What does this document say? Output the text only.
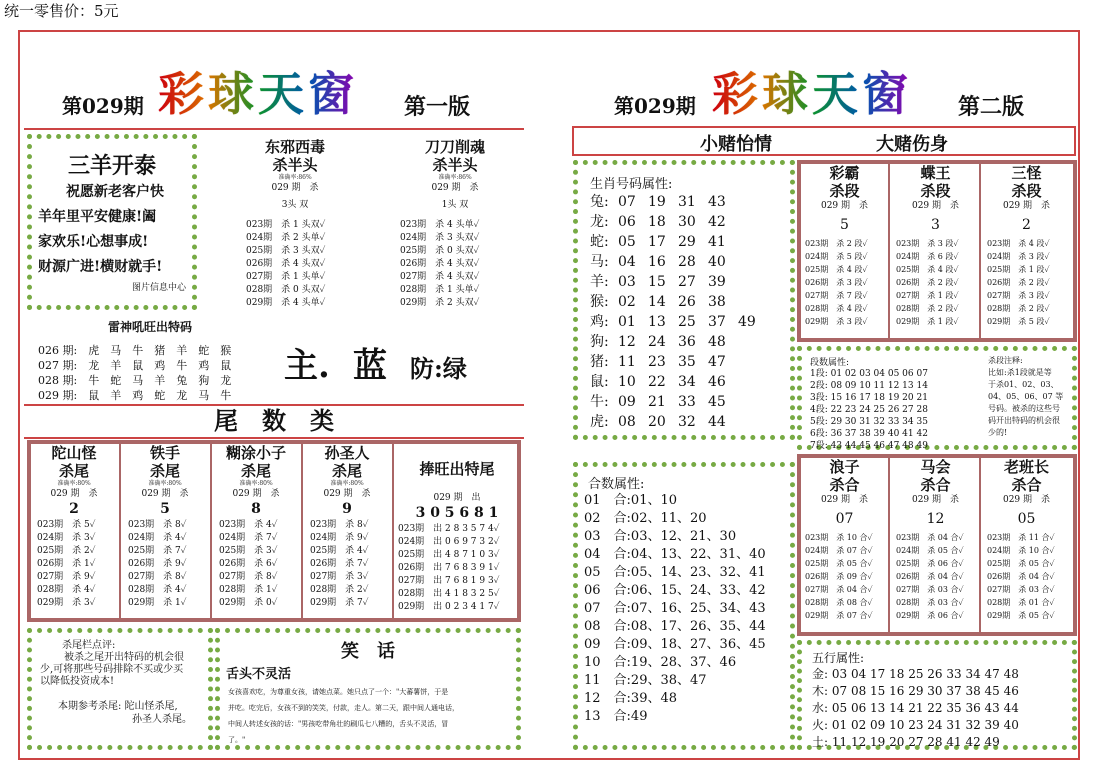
统一零售价：5元
第029期 彩球天窗 第一版
三羊开泰
祝愿新老客户快
羊年里平安健康!阖
家欢乐!心想事成!
财源广进!横财就手!
图片信息中心
东邪西毒
杀半头
准确率:86%
029 期　杀
3头 双
023期　杀 1 头双✓
024期　杀 2 头单✓
025期　杀 3 头双✓
026期　杀 4 头双✓
027期　杀 1 头单✓
028期　杀 0 头双✓
029期　杀 4 头单✓
刀刀削魂
杀半头
准确率:86%
029 期　杀
1头 双
023期　杀 4 头单✓
024期　杀 3 头双✓
025期　杀 0 头双✓
026期　杀 4 头双✓
027期　杀 4 头双✓
028期　杀 1 头单✓
029期　杀 2 头双✓
雷神吼旺出特码
026 期:　虎　马　牛　猪　羊　蛇　猴
027 期:　龙　羊　鼠　鸡　牛　鸡　鼠
028 期:　牛　蛇　马　羊　兔　狗　龙
029 期:　鼠　羊　鸡　蛇　龙　马　牛
主. 蓝 防:绿
尾　数　类
陀山怪
杀尾
准确率:80%
029 期　杀
2
023期　杀 5✓
024期　杀 3✓
025期　杀 2✓
026期　杀 1✓
027期　杀 9✓
028期　杀 4✓
029期　杀 3✓
铁手
杀尾
准确率:80%
029 期　杀
5
023期　杀 8✓
024期　杀 4✓
025期　杀 7✓
026期　杀 9✓
027期　杀 8✓
028期　杀 4✓
029期　杀 1✓
糊涂小子
杀尾
准确率:80%
029 期　杀
8
023期　杀 4✓
024期　杀 7✓
025期　杀 3✓
026期　杀 6✓
027期　杀 8✓
028期　杀 1✓
029期　杀 0✓
孙圣人
杀尾
准确率:80%
029 期　杀
9
023期　杀 8✓
024期　杀 9✓
025期　杀 4✓
026期　杀 7✓
027期　杀 3✓
028期　杀 2✓
029期　杀 7✓
捧旺出特尾
029 期　出
3 0 5 6 8 1
023期　出 2 8 3 5 7 4✓
024期　出 0 6 9 7 3 2✓
025期　出 4 8 7 1 0 3✓
026期　出 7 6 8 3 9 1✓
027期　出 7 6 8 1 9 3✓
028期　出 4 1 8 3 2 5✓
029期　出 0 2 3 4 1 7✓
杀尾栏点评:
被杀之尾开出特码的机会很
少,可将那些号码排除不买或少买
以降低投资成本!
本期参考杀尾: 陀山怪杀尾,
孙圣人杀尾。
笑　话
舌头不灵活
女孩喜欢吃，为尊重女孩，请她点菜。她只点了一个："大蕃薯饼，于是
并吃。吃完后，女孩不到的笑笑，付款，走人。第二天，跟中间人通电话，
中间人转述女孩的话："男孩吃带角壮的刷瓜七八糟的，舌头不灵活，冒
了。"
第029期 彩球天窗 第二版
小赌怡情	大赌伤身
生肖号码属性:
兔: 07 19 31 43
龙: 06 18 30 42
蛇: 05 17 29 41
马: 04 16 28 40
羊: 03 15 27 39
猴: 02 14 26 38
鸡: 01 13 25 37 49
狗: 12 24 36 48
猪: 11 23 35 47
鼠: 10 22 34 46
牛: 09 21 33 45
虎: 08 20 32 44
彩霸
杀段
029 期　杀
5
023期　杀 2 段✓
024期　杀 5 段✓
025期　杀 4 段✓
026期　杀 3 段✓
027期　杀 7 段✓
028期　杀 4 段✓
029期　杀 3 段✓
蝶王
杀段
029 期　杀
3
023期　杀 3 段✓
024期　杀 6 段✓
025期　杀 4 段✓
026期　杀 2 段✓
027期　杀 1 段✓
028期　杀 2 段✓
029期　杀 1 段✓
三怪
杀段
029 期　杀
2
023期　杀 4 段✓
024期　杀 3 段✓
025期　杀 1 段✓
026期　杀 2 段✓
027期　杀 3 段✓
028期　杀 2 段✓
029期　杀 5 段✓
段数属性:
1段: 01 02 03 04 05 06 07
2段: 08 09 10 11 12 13 14
3段: 15 16 17 18 19 20 21
4段: 22 23 24 25 26 27 28
5段: 29 30 31 32 33 34 35
6段: 36 37 38 39 40 41 42
7段: 43 44 45 46 47 48 49
杀段注释:
比如:杀1段就是等
于杀01、02、03、
04、05、06、07 等
号码。被杀的这些号
码开出特码的机会很
少的!
合数属性:
01　合:01、10
02　合:02、11、20
03　合:03、12、21、30
04　合:04、13、22、31、40
05　合:05、14、23、32、41
06　合:06、15、24、33、42
07　合:07、16、25、34、43
08　合:08、17、26、35、44
09　合:09、18、27、36、45
10　合:19、28、37、46
11　合:29、38、47
12　合:39、48
13　合:49
浪子
杀合
029 期　杀
07
023期　杀 10 合✓
024期　杀 07 合✓
025期　杀 05 合✓
026期　杀 09 合✓
027期　杀 04 合✓
028期　杀 08 合✓
029期　杀 07 合✓
马会
杀合
029 期　杀
12
023期　杀 04 合✓
024期　杀 05 合✓
025期　杀 06 合✓
026期　杀 04 合✓
027期　杀 03 合✓
028期　杀 03 合✓
029期　杀 06 合✓
老班长
杀合
029 期　杀
05
023期　杀 11 合✓
024期　杀 10 合✓
025期　杀 05 合✓
026期　杀 04 合✓
027期　杀 03 合✓
028期　杀 01 合✓
029期　杀 05 合✓
五行属性:
金: 03 04 17 18 25 26 33 34 47 48
木: 07 08 15 16 29 30 37 38 45 46
水: 05 06 13 14 21 22 35 36 43 44
火: 01 02 09 10 23 24 31 32 39 40
土: 11 12 19 20 27 28 41 42 49
